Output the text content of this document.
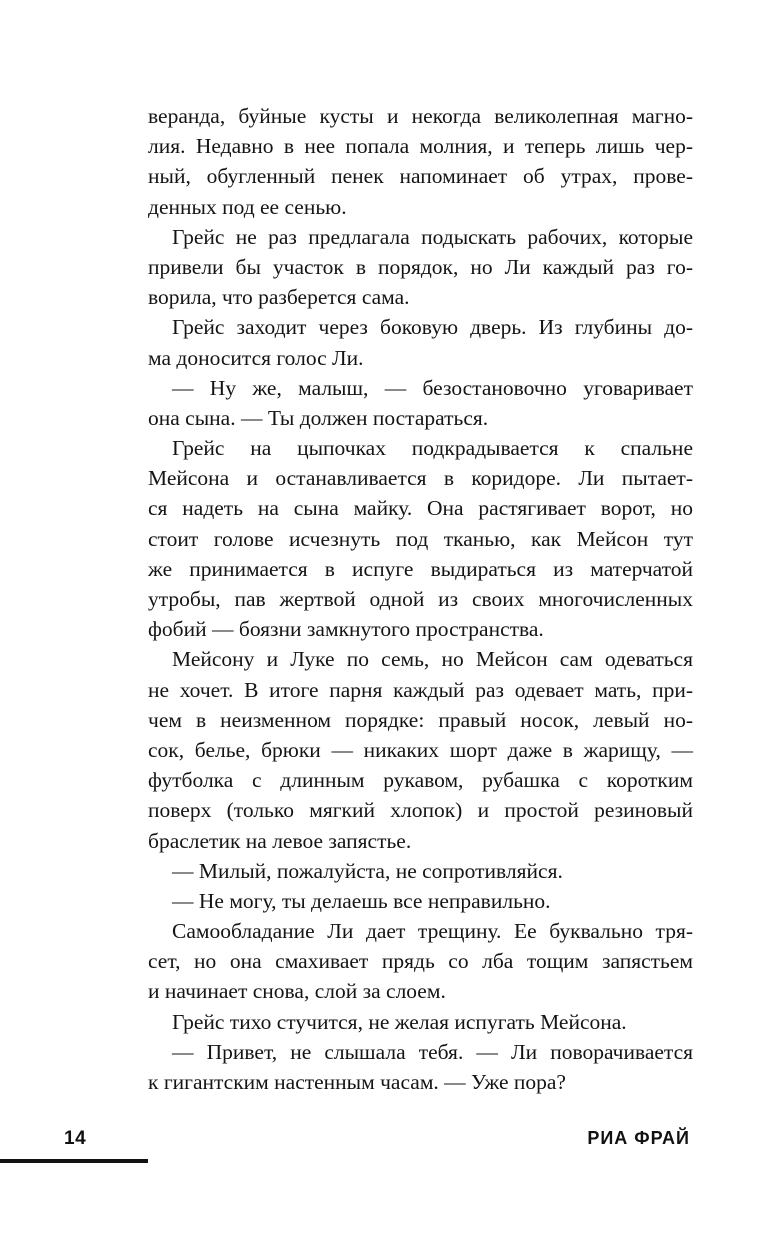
веранда, буйные кусты и некогда великолепная магно-
лия. Недавно в нее попала молния, и теперь лишь чер-
ный, обугленный пенек напоминает об утрах, прове-
денных под ее сенью.
Грейс не раз предлагала подыскать рабочих, которые
привели бы участок в порядок, но Ли каждый раз го-
ворила, что разберется сама.
Грейс заходит через боковую дверь. Из глубины до-
ма доносится голос Ли.
— Ну же, малыш, — безостановочно уговаривает
она сына. — Ты должен постараться.
Грейс на цыпочках подкрадывается к спальне
Мейсона и останавливается в коридоре. Ли пытает-
ся надеть на сына майку. Она растягивает ворот, но
стоит голове исчезнуть под тканью, как Мейсон тут
же принимается в испуге выдираться из матерчатой
утробы, пав жертвой одной из своих многочисленных
фобий — боязни замкнутого пространства.
Мейсону и Луке по семь, но Мейсон сам одеваться
не хочет. В итоге парня каждый раз одевает мать, при-
чем в неизменном порядке: правый носок, левый но-
сок, белье, брюки — никаких шорт даже в жарищу, —
футболка с длинным рукавом, рубашка с коротким
поверх (только мягкий хлопок) и простой резиновый
браслетик на левое запястье.
— Милый, пожалуйста, не сопротивляйся.
— Не могу, ты делаешь все неправильно.
Самообладание Ли дает трещину. Ее буквально тря-
сет, но она смахивает прядь со лба тощим запястьем
и начинает снова, слой за слоем.
Грейс тихо стучится, не желая испугать Мейсона.
— Привет, не слышала тебя. — Ли поворачивается
к гигантским настенным часам. — Уже пора?
14	РИА ФРАЙ
